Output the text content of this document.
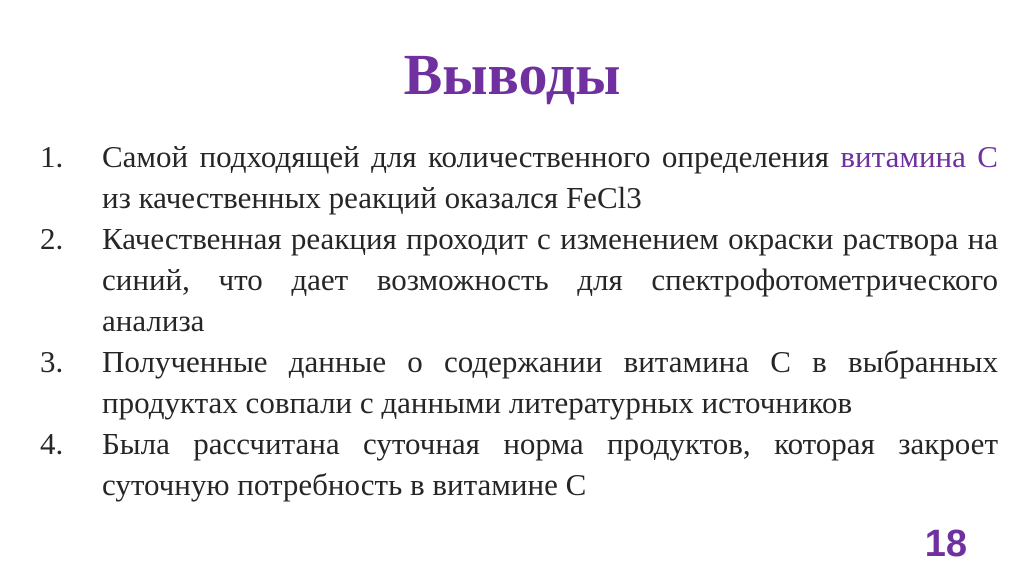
Выводы
1. Самой подходящей для количественного определения витамина С из качественных реакций оказался FeCl3
2. Качественная реакция проходит с изменением окраски раствора на синий, что дает возможность для спектрофотометрического анализа
3. Полученные данные о содержании витамина С в выбранных продуктах совпали с данными литературных источников
4. Была рассчитана суточная норма продуктов, которая закроет суточную потребность в витамине С
18
